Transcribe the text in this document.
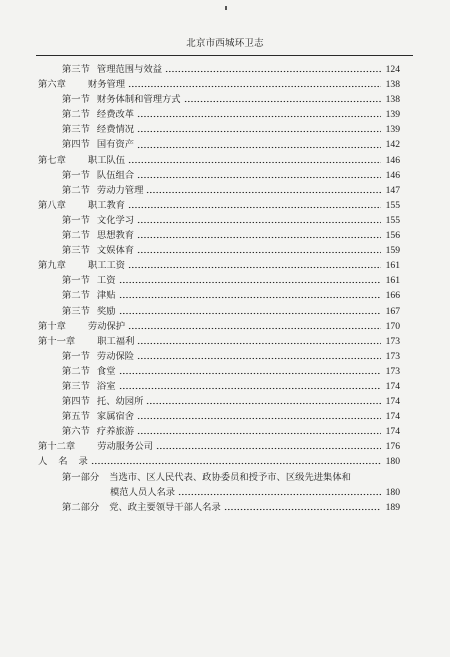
北京市西城环卫志
第三节 管理范围与效益	124
第六章 财务管理	138
第一节 财务体制和管理方式	138
第二节 经费改革	139
第三节 经费情况	139
第四节 国有资产	142
第七章 职工队伍	146
第一节 队伍组合	146
第二节 劳动力管理	147
第八章 职工教育	155
第一节 文化学习	155
第二节 思想教育	156
第三节 文娱体育	159
第九章 职工工资	161
第一节 工资	161
第二节 津贴	166
第三节 奖励	167
第十章 劳动保护	170
第十一章 职工福利	173
第一节 劳动保险	173
第二节 食堂	173
第三节 浴室	174
第四节 托、幼园所	174
第五节 家属宿舍	174
第六节 疗养旅游	174
第十二章 劳动服务公司	176
人 名 录	180
第一部分 当选市、区人民代表、政协委员和授予市、区级先进集体和
模范人员人名录	180
第二部分 党、政主要领导干部人名录	189
